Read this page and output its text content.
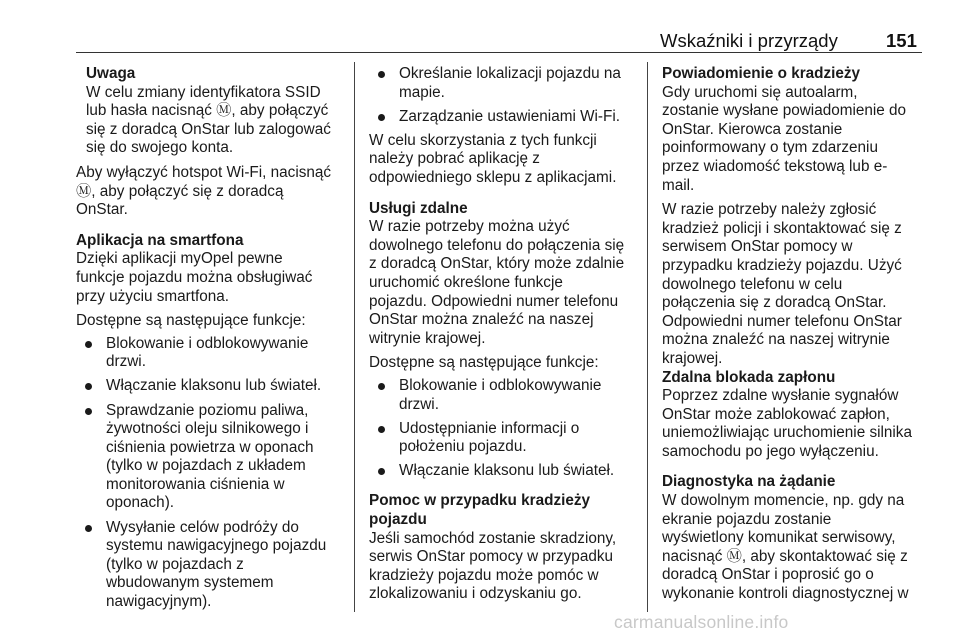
Wskaźniki i przyrządy	151
Uwaga
W celu zmiany identyfikatora SSID
lub hasła nacisnąć Ⓜ, aby połączyć
się z doradcą OnStar lub zalogować
się do swojego konta.
Aby wyłączyć hotspot Wi-Fi, nacisnąć
Ⓜ, aby połączyć się z doradcą
OnStar.
Aplikacja na smartfona
Dzięki aplikacji myOpel pewne
funkcje pojazdu można obsługiwać
przy użyciu smartfona.
Dostępne są następujące funkcje:
Blokowanie i odblokowywanie
drzwi.
Włączanie klaksonu lub świateł.
Sprawdzanie poziomu paliwa,
żywotności oleju silnikowego i
ciśnienia powietrza w oponach
(tylko w pojazdach z układem
monitorowania ciśnienia w
oponach).
Wysyłanie celów podróży do
systemu nawigacyjnego pojazdu
(tylko w pojazdach z
wbudowanym systemem
nawigacyjnym).
Określanie lokalizacji pojazdu na
mapie.
Zarządzanie ustawieniami Wi-Fi.
W celu skorzystania z tych funkcji
należy pobrać aplikację z
odpowiedniego sklepu z aplikacjami.
Usługi zdalne
W razie potrzeby można użyć
dowolnego telefonu do połączenia się
z doradcą OnStar, który może zdalnie
uruchomić określone funkcje
pojazdu. Odpowiedni numer telefonu
OnStar można znaleźć na naszej
witrynie krajowej.
Dostępne są następujące funkcje:
Blokowanie i odblokowywanie
drzwi.
Udostępnianie informacji o
położeniu pojazdu.
Włączanie klaksonu lub świateł.
Pomoc w przypadku kradzieży
pojazdu
Jeśli samochód zostanie skradziony,
serwis OnStar pomocy w przypadku
kradzieży pojazdu może pomóc w
zlokalizowaniu i odzyskaniu go.
Powiadomienie o kradzieży
Gdy uruchomi się autoalarm,
zostanie wysłane powiadomienie do
OnStar. Kierowca zostanie
poinformowany o tym zdarzeniu
przez wiadomość tekstową lub e-
mail.
W razie potrzeby należy zgłosić
kradzież policji i skontaktować się z
serwisem OnStar pomocy w
przypadku kradzieży pojazdu. Użyć
dowolnego telefonu w celu
połączenia się z doradcą OnStar.
Odpowiedni numer telefonu OnStar
można znaleźć na naszej witrynie
krajowej.
Zdalna blokada zapłonu
Poprzez zdalne wysłanie sygnałów
OnStar może zablokować zapłon,
uniemożliwiając uruchomienie silnika
samochodu po jego wyłączeniu.
Diagnostyka na żądanie
W dowolnym momencie, np. gdy na
ekranie pojazdu zostanie
wyświetlony komunikat serwisowy,
nacisnąć Ⓜ, aby skontaktować się z
doradcą OnStar i poprosić go o
wykonanie kontroli diagnostycznej w
carmanualsonline.info
